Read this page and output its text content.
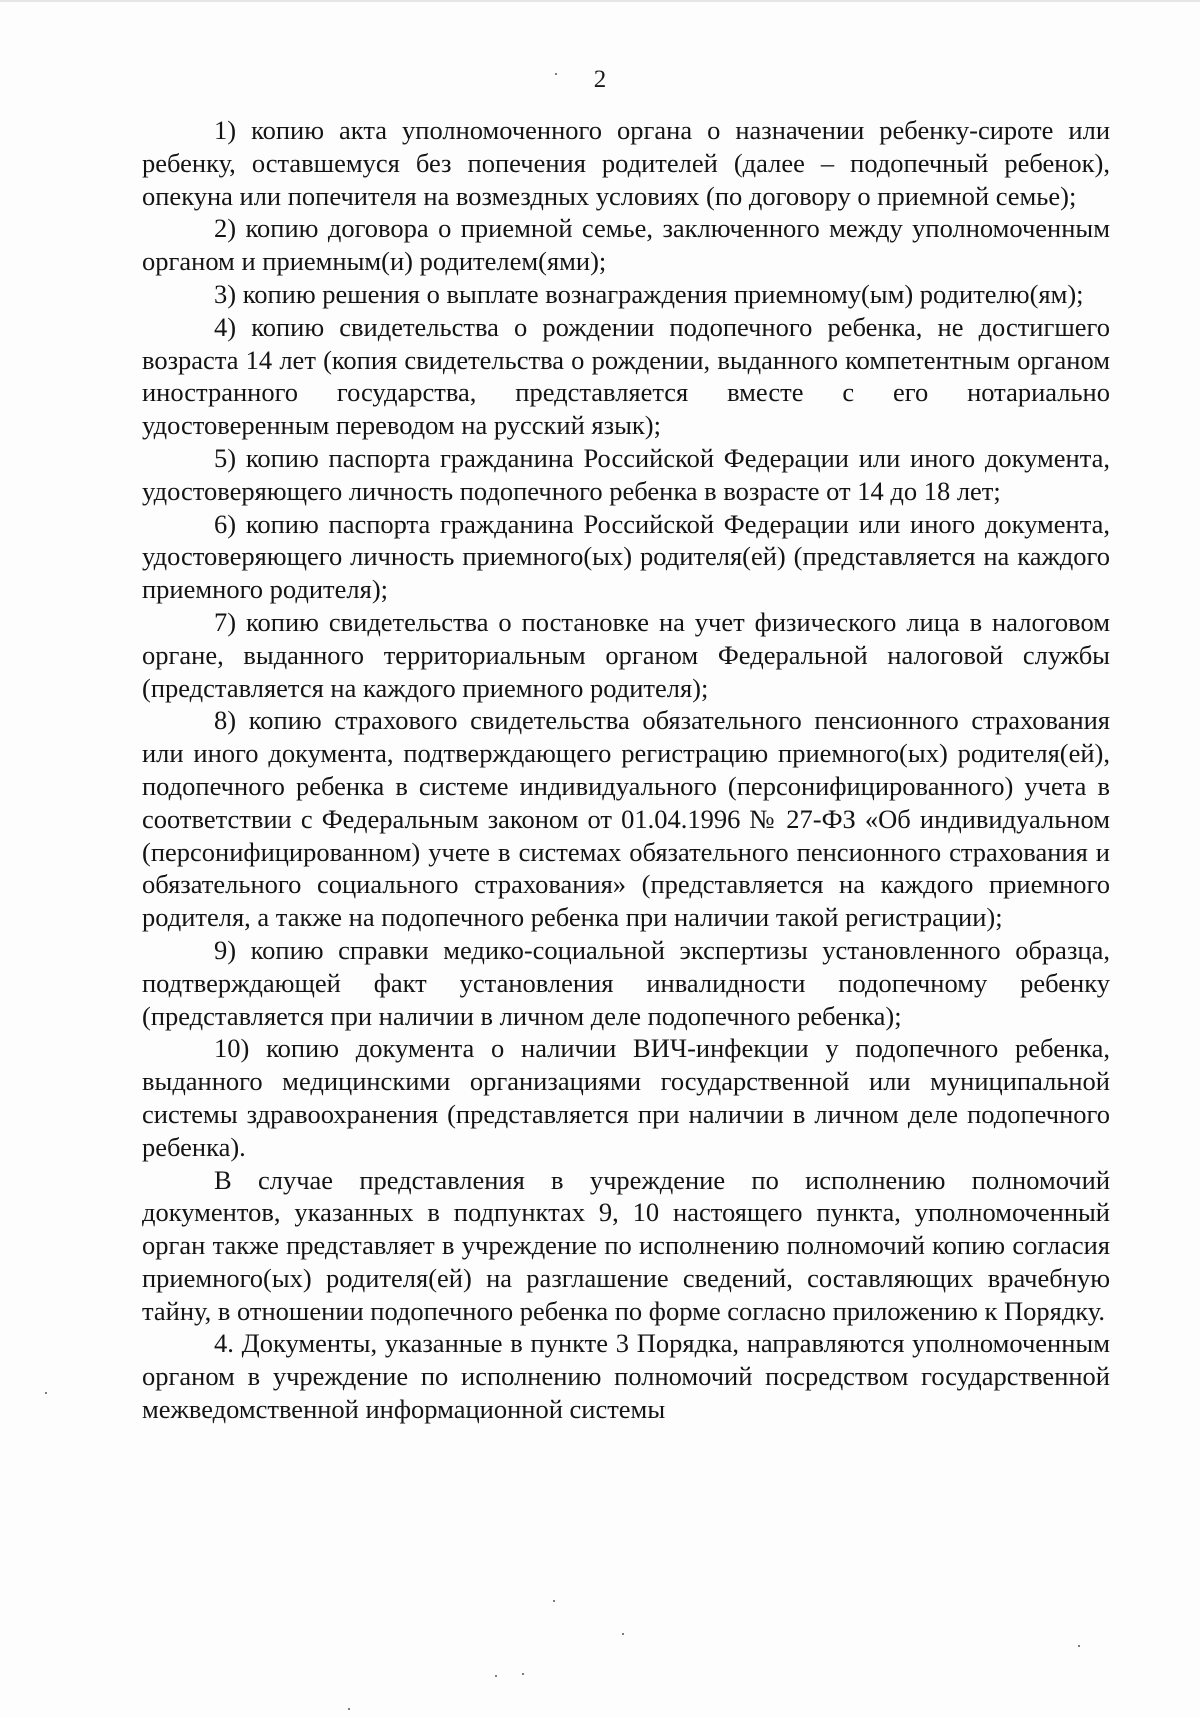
2

1) копию акта уполномоченного органа о назначении ребенку-сироте или ребенку, оставшемуся без попечения родителей (далее – подопечный ребенок), опекуна или попечителя на возмездных условиях (по договору о приемной семье);

2) копию договора о приемной семье, заключенного между уполномоченным органом и приемным(и) родителем(ями);

3) копию решения о выплате вознаграждения приемному(ым) родителю(ям);

4) копию свидетельства о рождении подопечного ребенка, не достигшего возраста 14 лет (копия свидетельства о рождении, выданного компетентным органом иностранного государства, представляется вместе с его нотариально удостоверенным переводом на русский язык);

5) копию паспорта гражданина Российской Федерации или иного документа, удостоверяющего личность подопечного ребенка в возрасте от 14 до 18 лет;

6) копию паспорта гражданина Российской Федерации или иного документа, удостоверяющего личность приемного(ых) родителя(ей) (представляется на каждого приемного родителя);

7) копию свидетельства о постановке на учет физического лица в налоговом органе, выданного территориальным органом Федеральной налоговой службы (представляется на каждого приемного родителя);

8) копию страхового свидетельства обязательного пенсионного страхования или иного документа, подтверждающего регистрацию приемного(ых) родителя(ей), подопечного ребенка в системе индивидуального (персонифицированного) учета в соответствии с Федеральным законом от 01.04.1996 № 27-ФЗ «Об индивидуальном (персонифицированном) учете в системах обязательного пенсионного страхования и обязательного социального страхования» (представляется на каждого приемного родителя, а также на подопечного ребенка при наличии такой регистрации);

9) копию справки медико-социальной экспертизы установленного образца, подтверждающей факт установления инвалидности подопечному ребенку (представляется при наличии в личном деле подопечного ребенка);

10) копию документа о наличии ВИЧ-инфекции у подопечного ребенка, выданного медицинскими организациями государственной или муниципальной системы здравоохранения (представляется при наличии в личном деле подопечного ребенка).

В случае представления в учреждение по исполнению полномочий документов, указанных в подпунктах 9, 10 настоящего пункта, уполномоченный орган также представляет в учреждение по исполнению полномочий копию согласия приемного(ых) родителя(ей) на разглашение сведений, составляющих врачебную тайну, в отношении подопечного ребенка по форме согласно приложению к Порядку.

4. Документы, указанные в пункте 3 Порядка, направляются уполномоченным органом в учреждение по исполнению полномочий посредством государственной межведомственной информационной системы
